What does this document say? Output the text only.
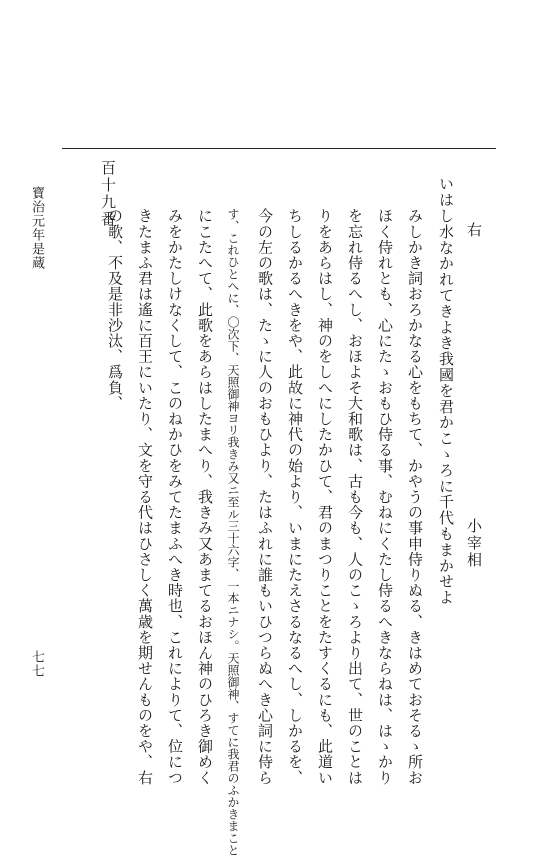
寶治元年是蔵
七七
百十九番
小宰相
右
いはし水なかれてきよき我國を君かこゝろに千代もまかせよ
みしかき詞おろかなる心をもちて、かやうの事申侍りぬる、きはめておそるゝ所お
ほく侍れとも、心にたゝおもひ侍る事、むねにくたし侍るへきならねは、はゝかり
を忘れ侍るへし、おほよそ大和歌は、古も今も、人のこゝろより出て、世のことは
りをあらはし、神のをしへにしたかひて、君のまつりことをたすくるにも、此道い
ちしるかるへきをや、此故に神代の始より、いまにたえさるなるへし、しかるを、
今の左の歌は、たゝに人のおもひより、たはふれに誰もいひつらぬへき心詞に侍ら
す、これひとへに、〇次下、天照御神ヨリ我きみ又ニ至ル三十六字、一本ニナシ。天照御神、すてに我君のふかきまこと
にこたへて、此歌をあらはしたまへり、我きみ又あまてるおほん神のひろき御めく
みをかたしけなくして、このねかひをみてたまふへき時也、これによりて、位につ
きたまふ君は遙に百王にいたり、文を守る代はひさしく萬歳を期せんものをや、右
の歌、不及是非沙汰、爲負、
